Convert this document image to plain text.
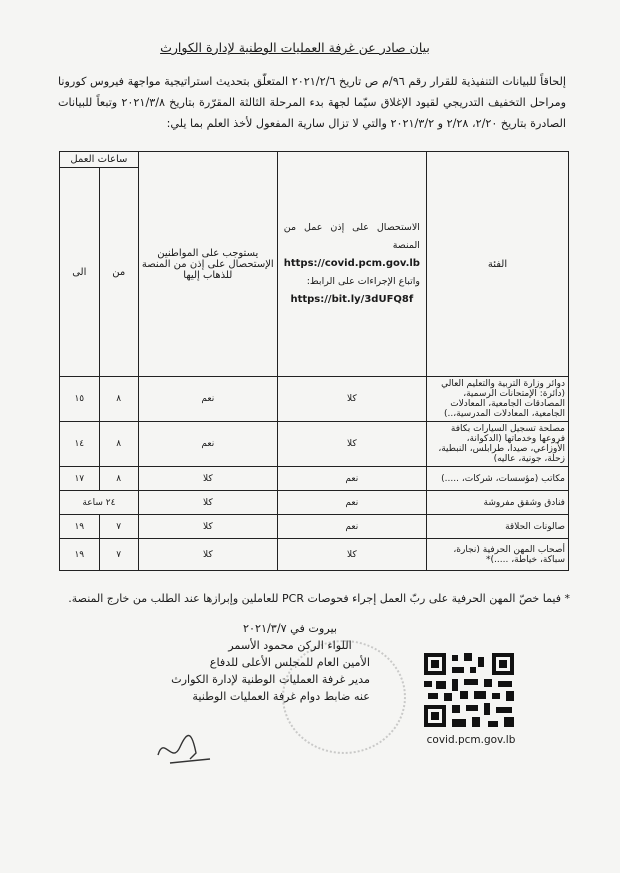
بيان صادر عن غرفة العمليات الوطنية لإدارة الكوارث
إلحاقاً للبيانات التنفيذية للقرار رقم ٩٦/م ص تاريخ ٢٠٢١/٢/٦ المتعلّق بتحديث استراتيجية مواجهة فيروس كورونا ومراحل التخفيف التدريجي لقيود الإغلاق سيّما لجهة بدء المرحلة الثالثة المقرّرة بتاريخ ٢٠٢١/٣/٨ وتبعاً للبيانات الصادرة بتاريخ ٢/٢٠، ٢/٢٨ و ٢٠٢١/٣/٢ والتي لا تزال سارية المفعول لأخذ العلم بما يلي:
الفئة	الاستحصال على إذن عمل من المنصة
https://covid.pcm.gov.lb
واتباع الإجراءات على الرابط:
https://bit.ly/3dUFQ8f	يستوجب على المواطنين الإستحصال على إذن من المنصة للذهاب إليها	ساعات العمل	
			من	الى
دوائر وزارة التربية والتعليم العالي (دائرة: الإمتحانات الرسمية، المصادقات الجامعية، المعادلات الجامعية، المعادلات المدرسية،..)	كلا	نعم	٨	١٥
مصلحة تسجيل السيارات بكافة فروعها وخدماتها (الدكوانة، الأوزاعي، صيدا، طرابلس، النبطية، زحلة، جونية، عاليه)	كلا	نعم	٨	١٤
مكاتب (مؤسسات، شركات، .....)	نعم	كلا	٨	١٧
فنادق وشقق مفروشة	نعم	كلا	٢٤ ساعة	
صالونات الحلاقة	نعم	كلا	٧	١٩
أصحاب المهن الحرفية (نجارة، سباكة، خياطة، .....)*	كلا	كلا	٧	١٩
* فيما خصّ المهن الحرفية على ربّ العمل إجراء فحوصات PCR للعاملين وإبرازها عند الطلب من خارج المنصة.
بيروت في ٢٠٢١/٣/٧
اللواء الركن محمود الأسمر
الأمين العام للمجلس الأعلى للدفاع
مدير غرفة العمليات الوطنية لإدارة الكوارث
عنه ضابط دوام غرفة العمليات الوطنية
covid.pcm.gov.lb
